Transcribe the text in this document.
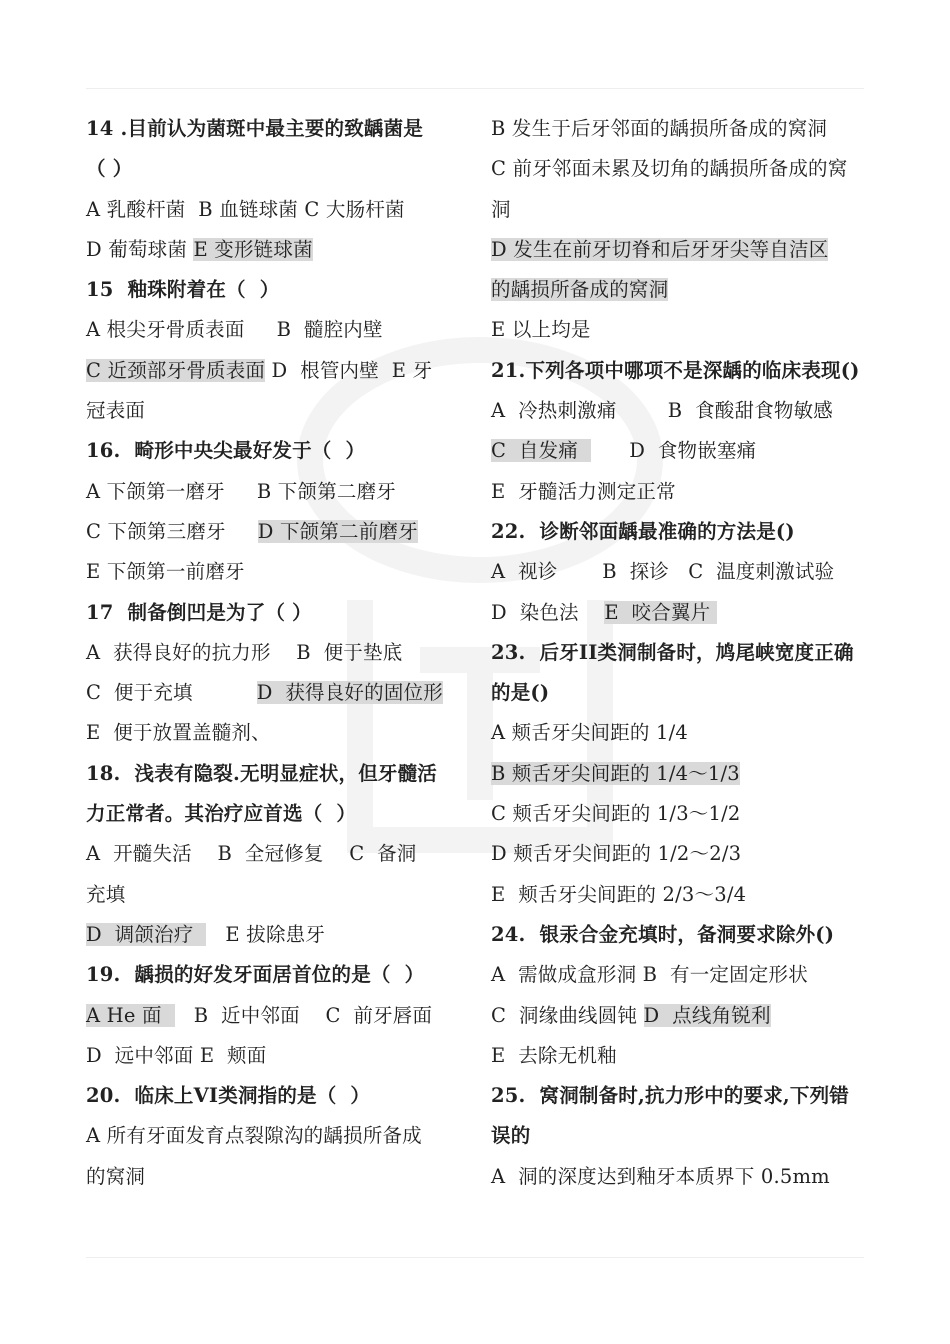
14 .目前认为菌斑中最主要的致龋菌是
（ ）
A 乳酸杆菌  B 血链球菌 C 大肠杆菌
D 葡萄球菌 E 变形链球菌
15  釉珠附着在（  ）
A 根尖牙骨质表面     B  髓腔内壁
C 近颈部牙骨质表面 D  根管内壁  E 牙
冠表面
16.  畸形中央尖最好发于（  ）
A 下颌第一磨牙     B 下颌第二磨牙
C 下颌第三磨牙     D 下颌第二前磨牙
E 下颌第一前磨牙
17  制备倒凹是为了（ ）
A  获得良好的抗力形    B  便于垫底
C  便于充填          D  获得良好的固位形
E  便于放置盖髓剂、
18.  浅表有隐裂.无明显症状，但牙髓活
力正常者。其治疗应首选（  ）
A  开髓失活    B  全冠修复    C  备洞
充填
D  调颌治疗     E 拔除患牙
19.  龋损的好发牙面居首位的是（  ）
A He 面     B  近中邻面    C  前牙唇面
D  远中邻面 E  颊面
20.  临床上VI类洞指的是（  ）
A 所有牙面发育点裂隙沟的龋损所备成
的窝洞
B 发生于后牙邻面的龋损所备成的窝洞
C 前牙邻面未累及切角的龋损所备成的窝
洞
D 发生在前牙切脊和后牙牙尖等自洁区
的龋损所备成的窝洞
E 以上均是
21.下列各项中哪项不是深龋的临床表现()
A  冷热刺激痛        B  食酸甜食物敏感
C  自发痛        D  食物嵌塞痛
E  牙髓活力测定正常
22.  诊断邻面龋最准确的方法是()
A  视诊       B  探诊   C  温度刺激试验
D  染色法    E  咬合翼片
23.  后牙II类洞制备时，鸠尾峡宽度正确
的是()
A 颊舌牙尖间距的 1/4
B 颊舌牙尖间距的 1/4～1/3
C 颊舌牙尖间距的 1/3～1/2
D 颊舌牙尖间距的 1/2～2/3
E  颊舌牙尖间距的 2/3～3/4
24.  银汞合金充填时，备洞要求除外()
A  需做成盒形洞 B  有一定固定形状
C  洞缘曲线圆钝 D  点线角锐利
E  去除无机釉
25.  窝洞制备时,抗力形中的要求,下列错
误的
A  洞的深度达到釉牙本质界下 0.5mm
